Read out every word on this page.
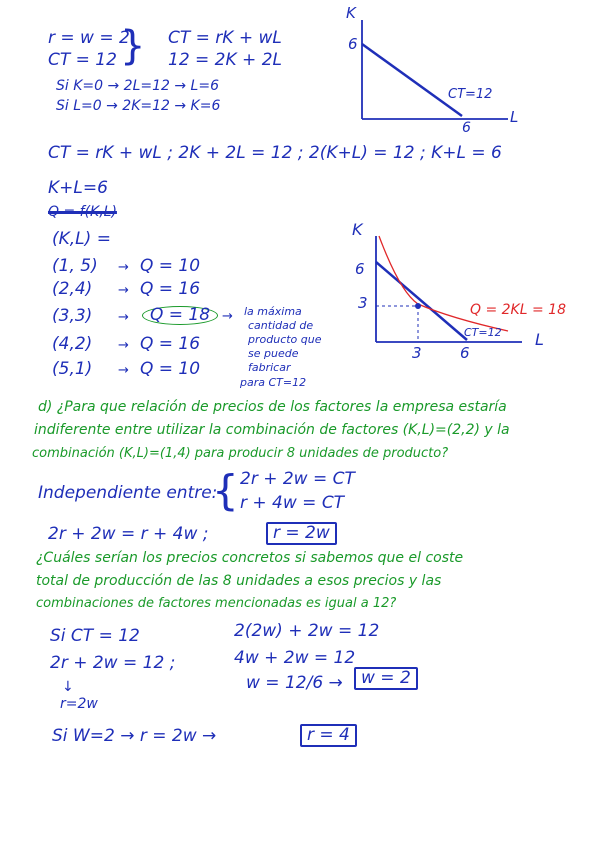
r = w = 2
CT = 12 } CT = rK + wL
12 = 2K + 2L
Si K=0 → 2L=12 → L=6
Si L=0 → 2K=12 → K=6
K
6
L
6
CT=12
CT = rK + wL ; 2K + 2L = 12 ; 2(K+L) = 12 ; K+L = 6
K+L=6
Q = f(K,L)
(K,L) =
(1, 5) → Q = 10
(2,4) → Q = 16
(3,3) →	Q = 18
(4,2) → Q = 16
(5,1) → Q = 10
→ la máxima
cantidad de
producto que
se puede
fabricar
para CT=12
K
6
3
L
3	6
CT=12
Q = 2KL = 18
d) ¿Para que relación de precios de los factores la empresa estaría
indiferente entre utilizar la combinación de factores (K,L)=(2,2) y la
combinación (K,L)=(1,4) para producir 8 unidades de producto?
Independiente entre:
{ 2r + 2w = CT
r + 4w = CT
2r + 2w = r + 4w ;	r = 2w
¿Cuáles serían los precios concretos si sabemos que el coste
total de producción de las 8 unidades a esos precios y las
combinaciones de factores mencionadas es igual a 12?
Si CT = 12
2r + 2w = 12 ;
↓
r=2w
2(2w) + 2w = 12
4w + 2w = 12
w = 12/6 →	w = 2
Si W=2 → r = 2w →	r = 4
